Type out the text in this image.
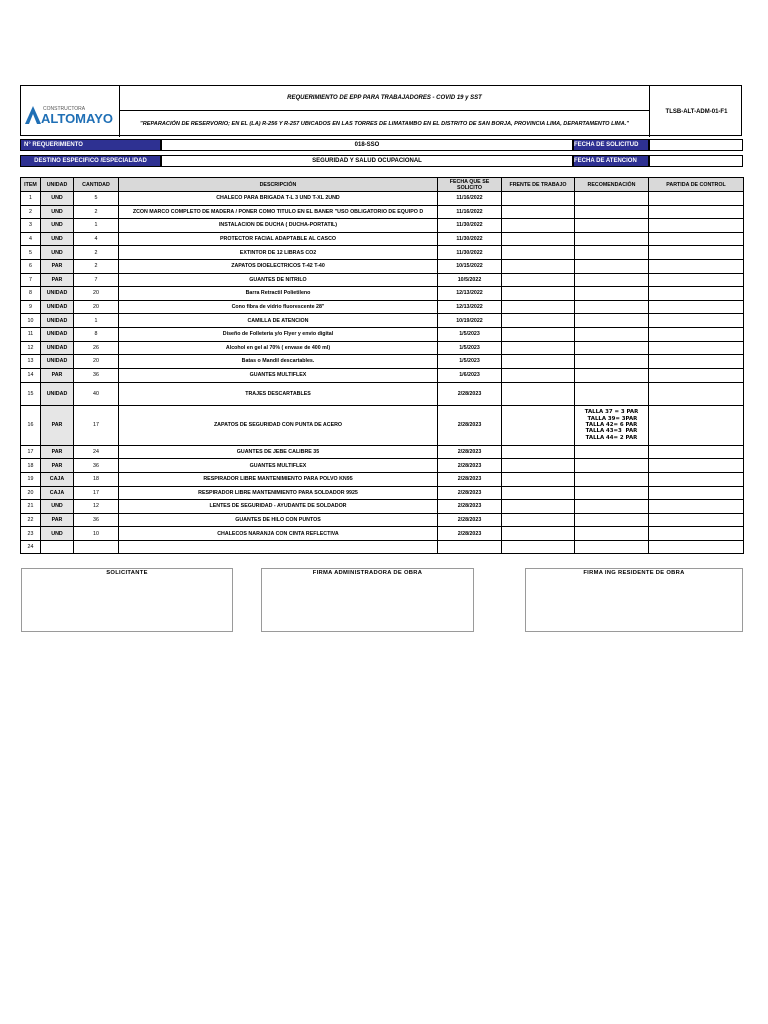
CONSTRUCTORA
ALTOMAYO
REQUERIMIENTO DE EPP PARA TRABAJADORES - COVID 19 y SST
"REPARACIÓN DE RESERVORIO; EN EL (LA) R-256 Y R-257 UBICADOS EN LAS TORRES DE LIMATAMBO EN EL DISTRITO DE SAN BORJA, PROVINCIA LIMA, DEPARTAMENTO LIMA."
TLSB-ALT-ADM-01-F1
N° REQUERIMIENTO	018-SSO	FECHA DE SOLICITUD
DESTINO ESPECIFICO /ESPECIALIDAD	SEGURIDAD Y SALUD OCUPACIONAL	FECHA DE ATENCION
ITEM	UNIDAD	CANTIDAD	DESCRIPCIÓN	FECHA QUE SE SOLICITO	FRENTE DE TRABAJO	RECOMENDACIÓN	PARTIDA DE CONTROL
1	UND	5	CHALECO PARA BRIGADA T-L 3 UND T-XL 2UND	11/16/2022			
2	UND	2	ZCON MARCO COMPLETO DE MADERA / PONER COMO TITULO EN EL BANER "USO OBLIGATORIO DE EQUIPO D	11/16/2022			
3	UND	1	INSTALACION DE DUCHA ( DUCHA-PORTATIL)	11/30/2022			
4	UND	4	PROTECTOR FACIAL ADAPTABLE AL CASCO	11/30/2022			
5	UND	2	EXTINTOR DE 12 LIBRAS CO2	11/30/2022			
6	PAR	2	ZAPATOS DIOELECTRICOS T-42 T-40	10/15/2022			
7	PAR	7	GUANTES DE NITRILO	10/5/2022			
8	UNIDAD	20	Barra Retractil Polietileno	12/13/2022			
9	UNIDAD	20	Cono fibra de vidrio fluorescente 28"	12/13/2022			
10	UNIDAD	1	CAMILLA DE ATENCION	10/19/2022			
11	UNIDAD	8	Diseño de Folleteria y/o Flyer y envio digital	1/5/2023			
12	UNIDAD	26	Alcohol en gel al 70% ( envase de 400 ml)	1/5/2023			
13	UNIDAD	20	Batas o Mandil descartables.	1/5/2023			
14	PAR	36	GUANTES MULTIFLEX	1/6/2023			
15	UNIDAD	40	TRAJES DESCARTABLES	2/28/2023			
16	PAR	17	ZAPATOS DE SEGURIDAD CON PUNTA DE ACERO	2/28/2023		TALLA 37 = 3 PAR
TALLA 39= 3PAR
TALLA 42= 6 PAR
TALLA 43=3  PAR
TALLA 44= 2 PAR	
17	PAR	24	GUANTES DE JEBE CALIBRE 35	2/28/2023			
18	PAR	36	GUANTES MULTIFLEX	2/28/2023			
19	CAJA	18	RESPIRADOR LIBRE MANTENIMIENTO PARA POLVO KN95	2/28/2023			
20	CAJA	17	RESPIRADOR LIBRE MANTENIMIENTO PARA SOLDADOR 9925	2/28/2023			
21	UND	12	LENTES DE SEGURIDAD - AYUDANTE DE SOLDADOR	2/28/2023			
22	PAR	36	GUANTES DE HILO CON PUNTOS	2/28/2023			
23	UND	10	CHALECOS NARANJA CON CINTA REFLECTIVA	2/28/2023			
24							
SOLICITANTE	FIRMA ADMINISTRADORA DE OBRA	FIRMA ING RESIDENTE DE OBRA
